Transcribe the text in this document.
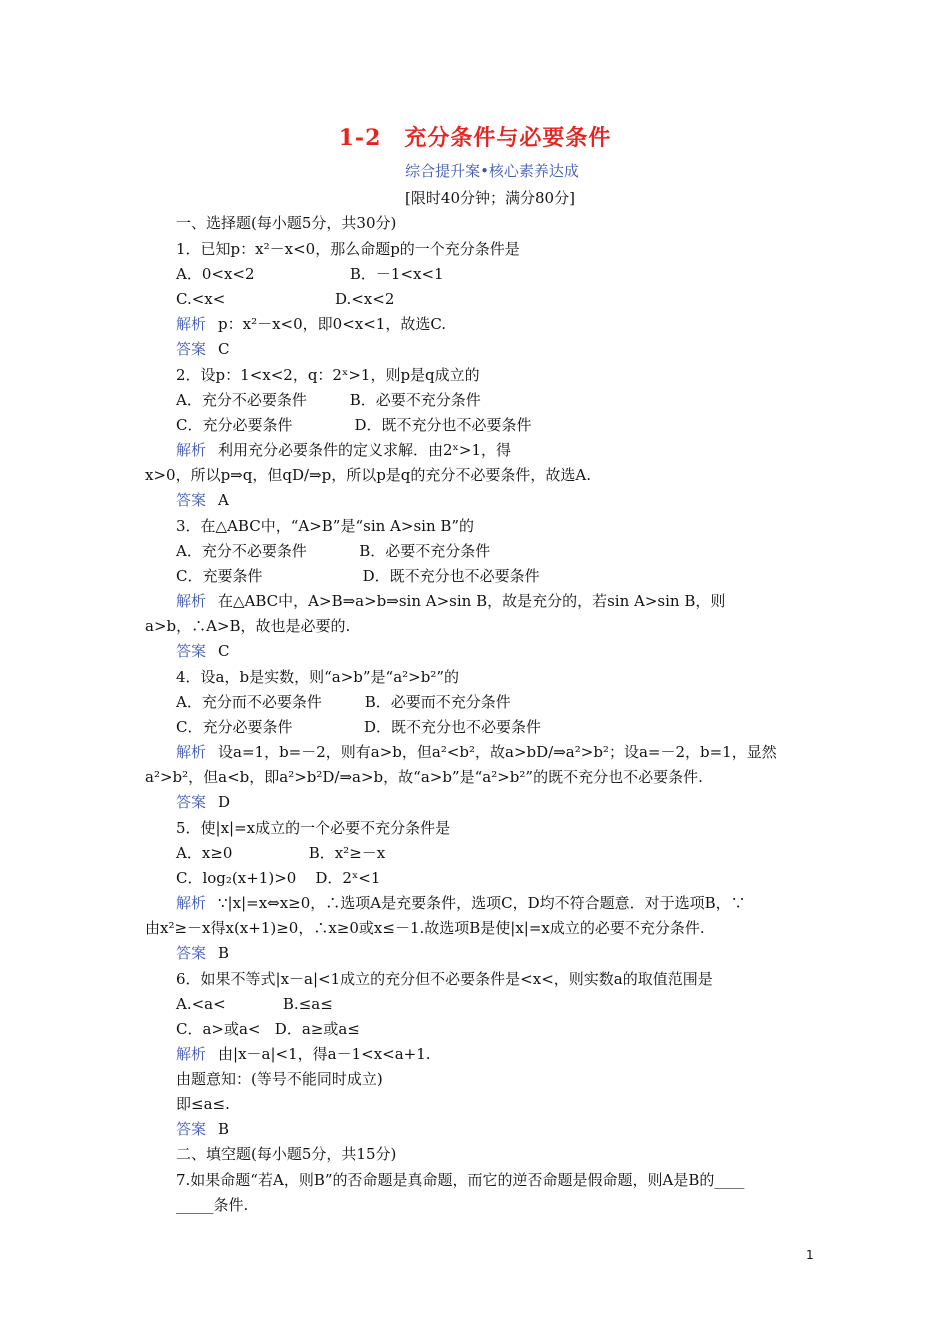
1-2　充分条件与必要条件
综合提升案•核心素养达成
[限时40分钟；满分80分]
一、选择题(每小题5分，共30分)
1．已知p：x²－x<0，那么命题p的一个充分条件是
A．0<x<2                    B．－1<x<1
C.<x<                       D.<x<2
解析 p：x²－x<0，即0<x<1，故选C.
答案 C
2．设p：1<x<2，q：2ˣ>1，则p是q成立的
A．充分不必要条件         B．必要不充分条件
C．充分必要条件             D．既不充分也不必要条件
解析 利用充分必要条件的定义求解．由2ˣ>1，得
x>0，所以p⇒q，但qD/⇒p，所以p是q的充分不必要条件，故选A.
答案 A
3．在△ABC中，“A>B”是“sin A>sin B”的
A．充分不必要条件           B．必要不充分条件
C．充要条件                     D．既不充分也不必要条件
解析 在△ABC中，A>B⇒a>b⇒sin A>sin B，故是充分的，若sin A>sin B，则
a>b，∴A>B，故也是必要的.
答案 C
4．设a，b是实数，则“a>b”是“a²>b²”的
A．充分而不必要条件         B．必要而不充分条件
C．充分必要条件               D．既不充分也不必要条件
解析 设a=1，b=－2，则有a>b，但a²<b²，故a>bD/⇒a²>b²；设a=－2，b=1，显然
a²>b²，但a<b，即a²>b²D/⇒a>b，故“a>b”是“a²>b²”的既不充分也不必要条件.
答案 D
5．使|x|=x成立的一个必要不充分条件是
A．x≥0                B．x²≥－x
C．log₂(x+1)>0    D．2ˣ<1
解析 ∵|x|=x⇔x≥0，∴选项A是充要条件，选项C，D均不符合题意．对于选项B，∵
由x²≥－x得x(x+1)≥0，∴x≥0或x≤－1.故选项B是使|x|=x成立的必要不充分条件.
答案 B
6．如果不等式|x－a|<1成立的充分但不必要条件是<x<，则实数a的取值范围是
A.<a<            B.≤a≤
C．a>或a<   D．a≥或a≤
解析 由|x－a|<1，得a－1<x<a+1.
由题意知：(等号不能同时成立)
即≤a≤.
答案 B
二、填空题(每小题5分，共15分)
7.如果命题“若A，则B”的否命题是真命题，而它的逆否命题是假命题，则A是B的____
_____条件.
1
